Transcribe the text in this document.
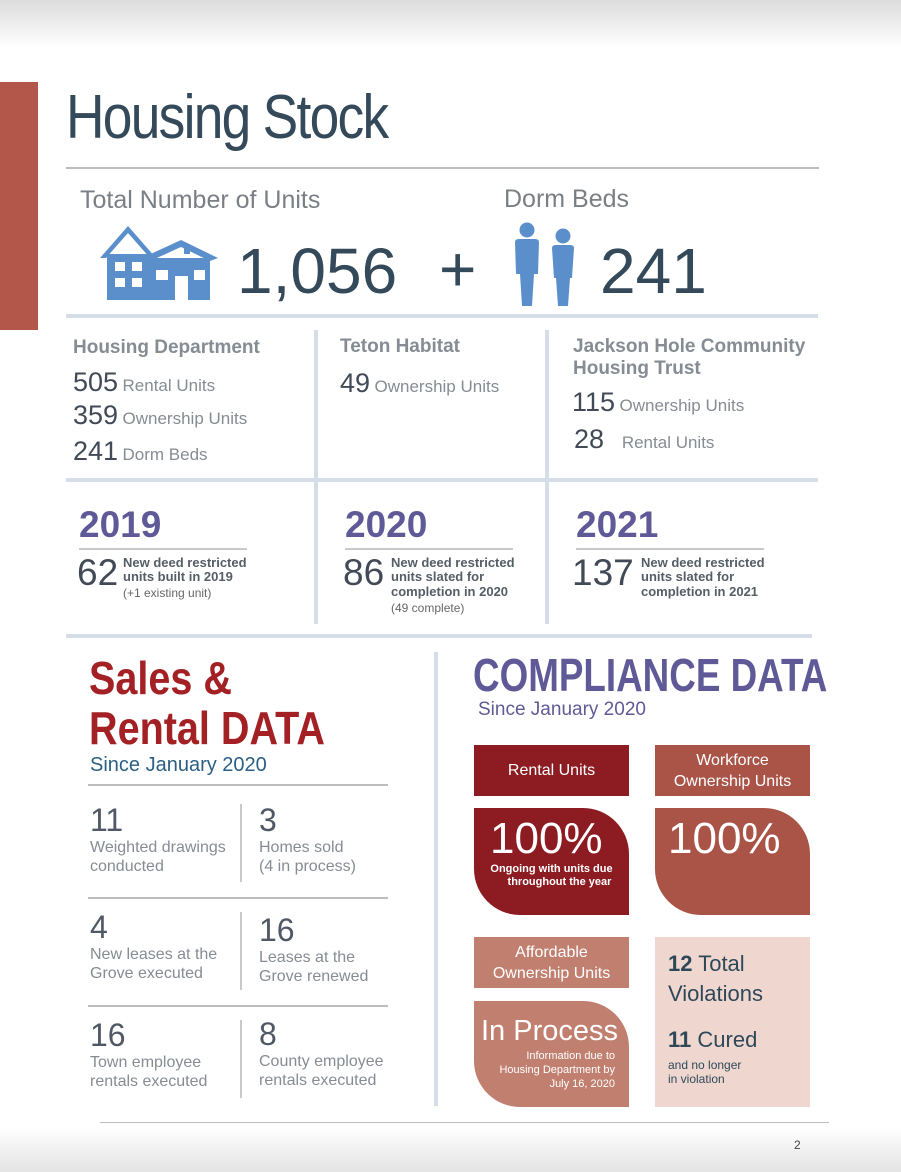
Housing Stock
Total Number of Units	Dorm Beds
1,056 + 241
Housing Department
505 Rental Units
359 Ownership Units
241 Dorm Beds
Teton Habitat
49 Ownership Units
Jackson Hole Community
Housing Trust
115 Ownership Units
28 Rental Units
2019
62 New deed restricted
units built in 2019
(+1 existing unit)
2020
86 New deed restricted
units slated for
completion in 2020
(49 complete)
2021
137 New deed restricted
units slated for
completion in 2021
Sales &
Rental DATA
Since January 2020
11
Weighted drawings
conducted
3
Homes sold
(4 in process)
4
New leases at the
Grove executed
16
Leases at the
Grove renewed
16
Town employee
rentals executed
8
County employee
rentals executed
COMPLIANCE DATA
Since January 2020
Rental Units
Workforce
Ownership Units
100%
Ongoing with units due
throughout the year
100%
Affordable
Ownership Units
In Process
Information due to
Housing Department by
July 16, 2020
12 Total
Violations
11 Cured
and no longer
in violation
2
